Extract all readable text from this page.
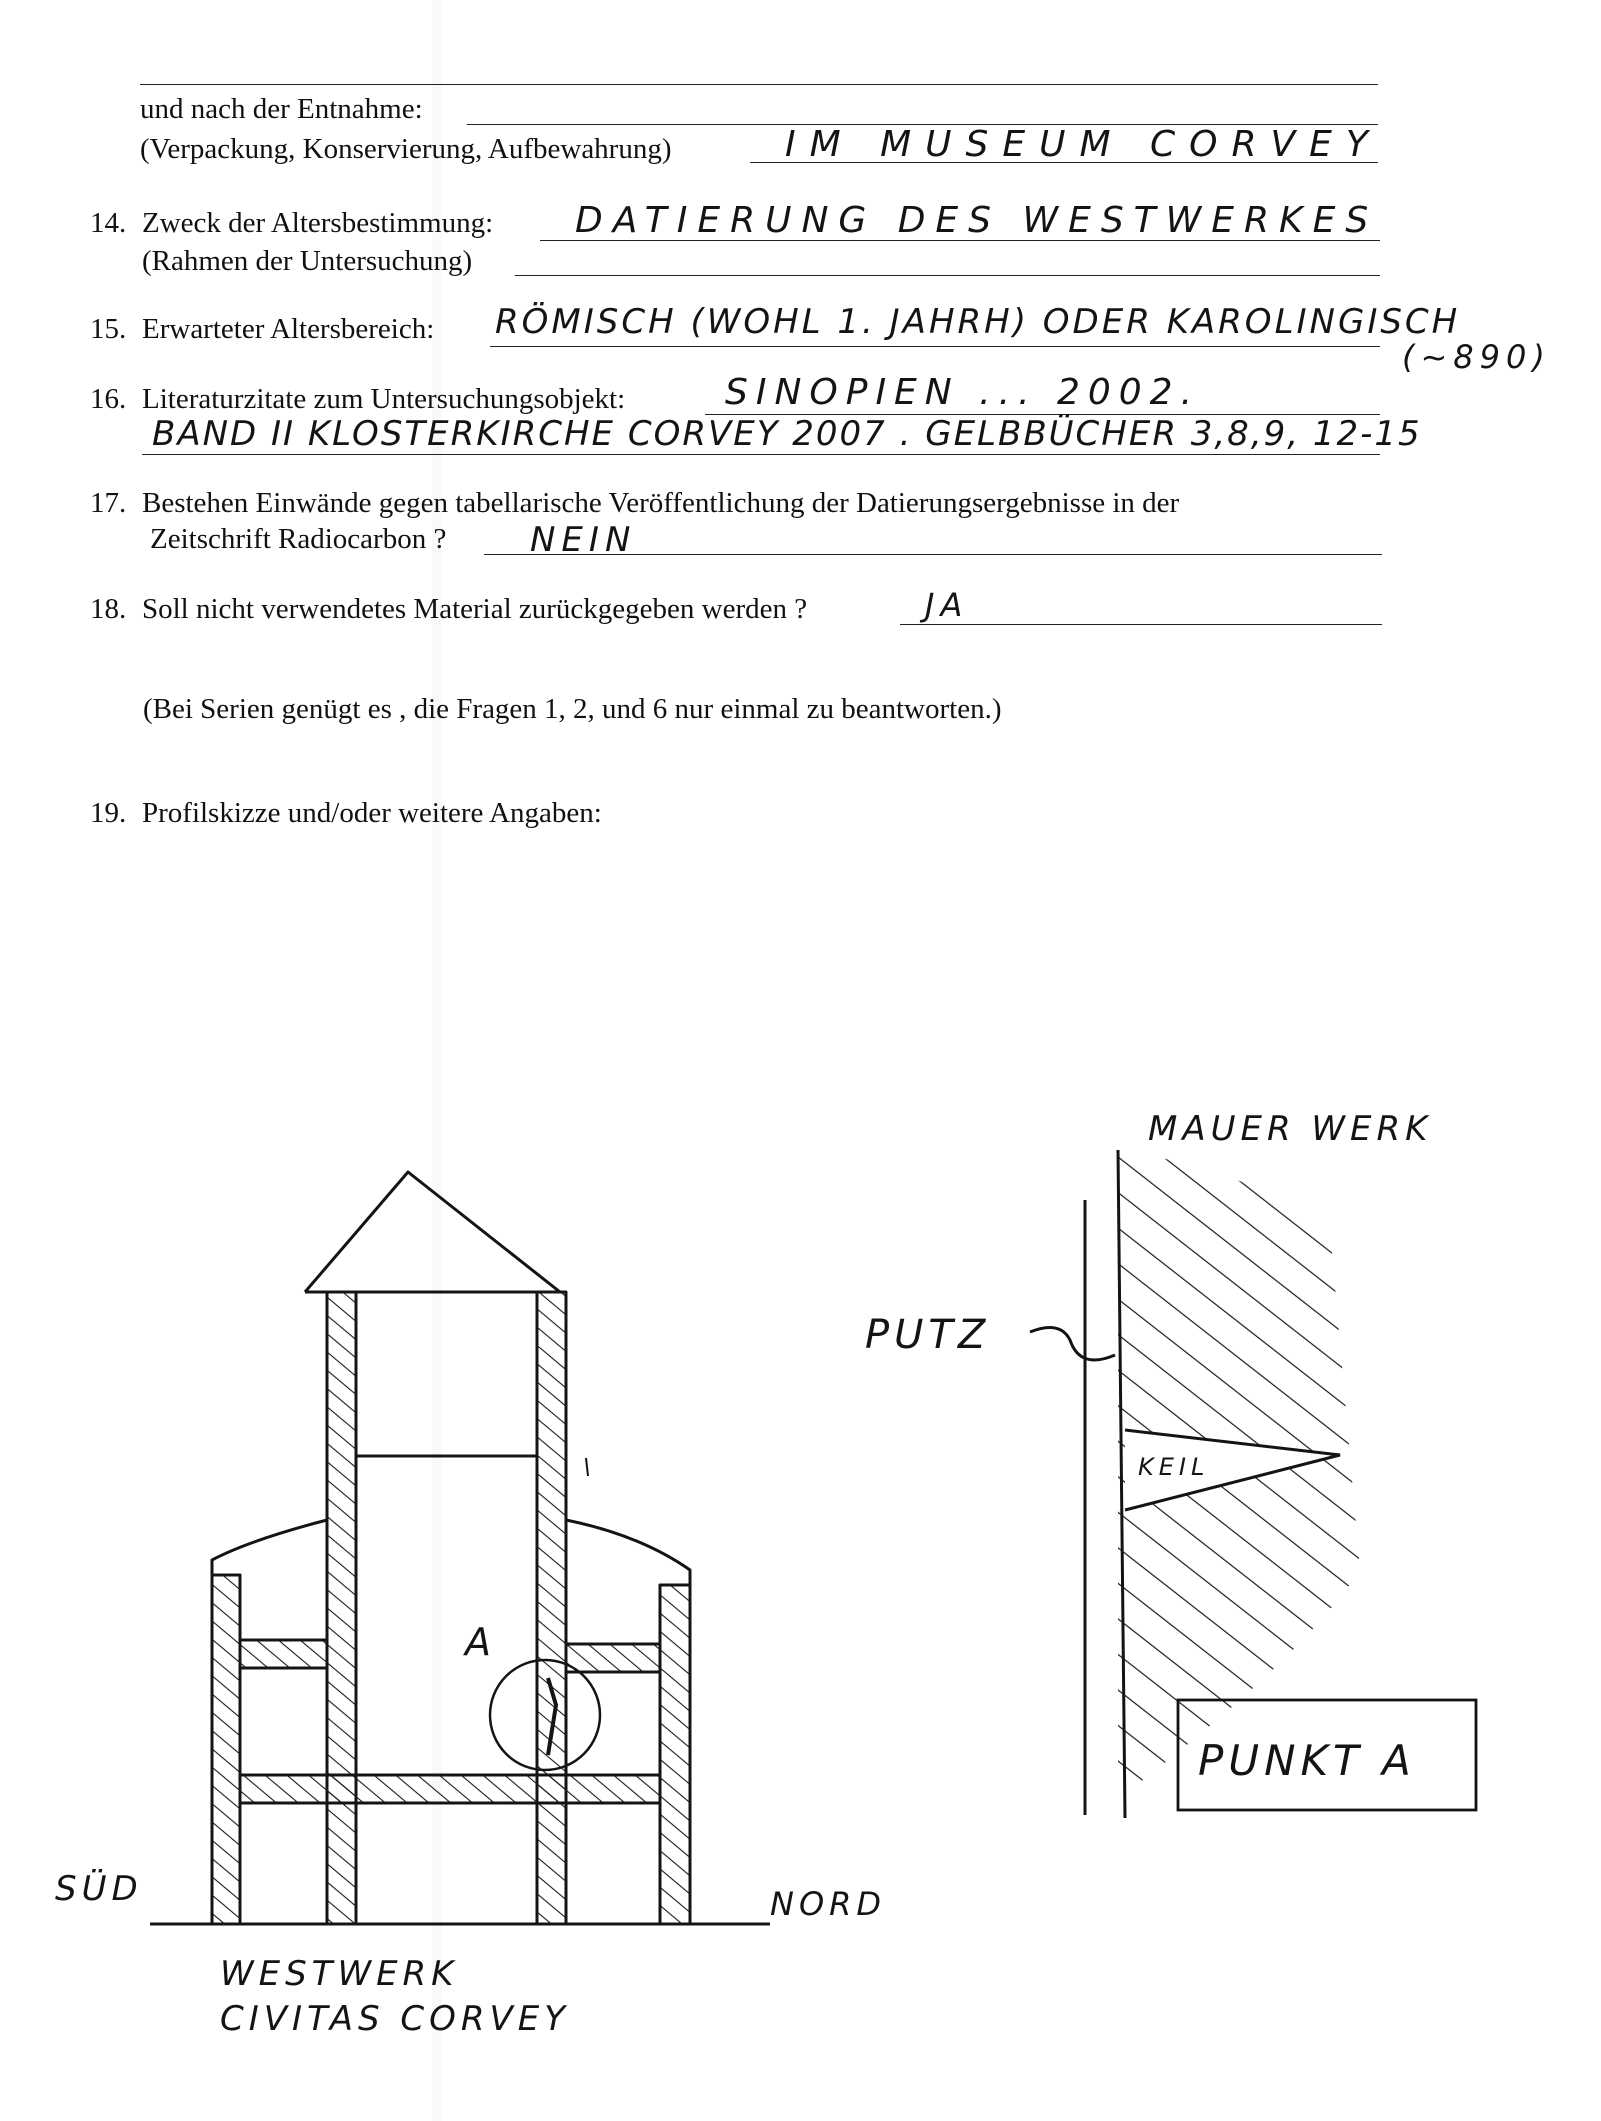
und nach der Entnahme:
(Verpackung, Konservierung, Aufbewahrung)	IM MUSEUM CORVEY
14. Zweck der Altersbestimmung: DATIERUNG DES WESTWERKES
(Rahmen der Untersuchung)
15. Erwarteter Altersbereich: RÖMISCH (WOHL 1. JAHRH) ODER KAROLINGISCH
(~890)
16. Literaturzitate zum Untersuchungsobjekt:	SINOPIEN ... 2002.
BAND II KLOSTERKIRCHE CORVEY 2007 . GELBBÜCHER 3,8,9, 12-15
17. Bestehen Einwände gegen tabellarische Veröffentlichung der Datierungsergebnisse in der
Zeitschrift Radiocarbon ? NEIN
18. Soll nicht verwendetes Material zurückgegeben werden ?	JA
(Bei Serien genügt es , die Fragen 1, 2, und 6 nur einmal zu beantworten.)
19. Profilskizze und/oder weitere Angaben:
A
SÜD	NORD
WESTWERK
CIVITAS CORVEY
MAUER WERK
PUTZ
KEIL
PUNKT A
